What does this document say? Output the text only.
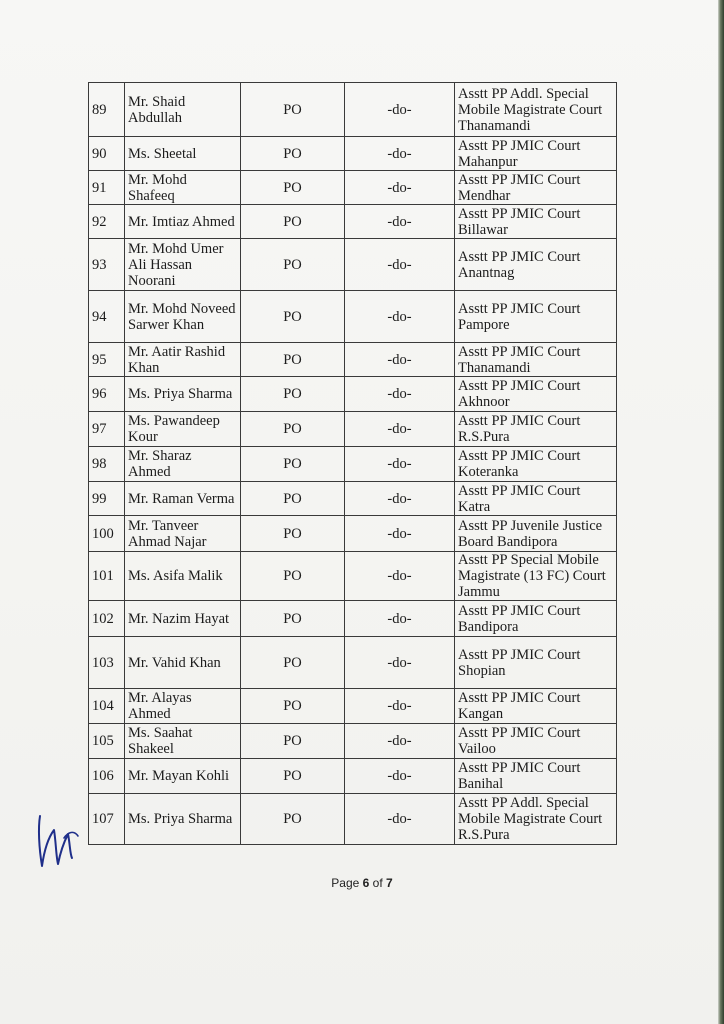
89	Mr. Shaid Abdullah	PO	-do-	Asstt PP Addl. Special Mobile Magistrate Court Thanamandi
90	Ms. Sheetal	PO	-do-	Asstt PP JMIC Court Mahanpur
91	Mr. Mohd Shafeeq	PO	-do-	Asstt PP JMIC Court Mendhar
92	Mr. Imtiaz Ahmed	PO	-do-	Asstt PP JMIC Court Billawar
93	Mr. Mohd Umer Ali Hassan Noorani	PO	-do-	Asstt PP JMIC Court Anantnag
94	Mr. Mohd Noveed Sarwer Khan	PO	-do-	Asstt PP JMIC Court Pampore
95	Mr. Aatir Rashid Khan	PO	-do-	Asstt PP JMIC Court Thanamandi
96	Ms. Priya Sharma	PO	-do-	Asstt PP JMIC Court Akhnoor
97	Ms. Pawandeep Kour	PO	-do-	Asstt PP JMIC Court R.S.Pura
98	Mr. Sharaz Ahmed	PO	-do-	Asstt PP JMIC Court Koteranka
99	Mr. Raman Verma	PO	-do-	Asstt PP JMIC Court Katra
100	Mr. Tanveer Ahmad Najar	PO	-do-	Asstt PP Juvenile Justice Board Bandipora
101	Ms. Asifa Malik	PO	-do-	Asstt PP Special Mobile Magistrate (13 FC) Court Jammu
102	Mr. Nazim Hayat	PO	-do-	Asstt PP JMIC Court Bandipora
103	Mr. Vahid Khan	PO	-do-	Asstt PP JMIC Court Shopian
104	Mr. Alayas Ahmed	PO	-do-	Asstt PP JMIC Court Kangan
105	Ms. Saahat Shakeel	PO	-do-	Asstt PP JMIC Court Vailoo
106	Mr. Mayan Kohli	PO	-do-	Asstt PP JMIC Court Banihal
107	Ms. Priya Sharma	PO	-do-	Asstt PP Addl. Special Mobile Magistrate Court R.S.Pura
Page 6 of 7
